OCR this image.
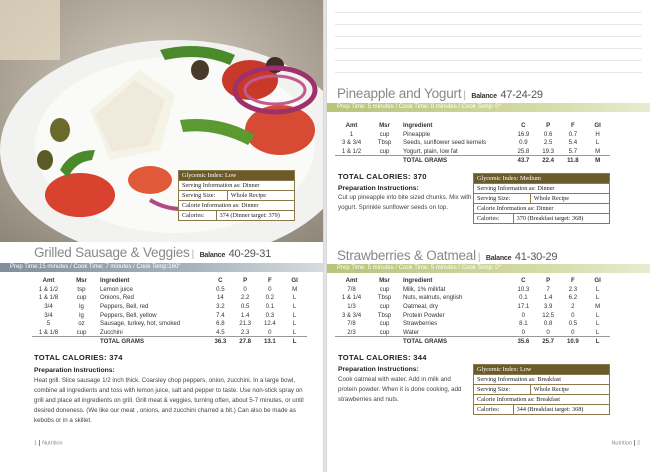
Glycemic Index: Low
Serving Information as: Dinner
Serving Size:	Whole Recipe
Calorie Information as: Dinner
Calories:	374 (Dinner target: 379)
Grilled Sausage & Veggies | Balance 40-29-31
Prep Time:15 minutes / Cook Time: 7 minutes / Cook Temp:160°
Amt	Msr	Ingredient	C	P	F	GI
1 & 1/2	tsp	Lemon juice	0.5	0	0	M
1 & 1/8	cup	Onions, Red	14	2.2	0.2	L
3/4	lg	Peppers, Bell, red	3.2	0.5	0.1	L
3/4	lg	Peppers, Bell, yellow	7.4	1.4	0.3	L
5	oz	Sausage, turkey, hot, smoked	6.8	21.3	12.4	L
1 & 1/8	cup	Zucchini	4.5	2.3	0	L
		TOTAL GRAMS	36.3	27.8	13.1	L
TOTAL CALORIES: 374
Preparation Instructions:
Heat grill. Slice sausage 1/2 inch thick. Coarsley chop peppers, onion, zucchini. In a large bowl, combine all ingredients and toss with lemon juice, salt and pepper to taste. Use non-stick spray on grill and place all ingredients on grill. Grill meat & veggies, turning often, about 5-7 minutes, or until desired doneness. (We like our meat , onions, and zucchini charred a bit.) Can also be made as kebobs or in a skillet.
1 Nutrition
Pineapple and Yogurt | Balance 47-24-29
Prep Time: 5 minutes / Cook Time: 0 minutes / Cook Temp: 0°
Amt	Msr	Ingredient	C	P	F	GI
1	cup	Pineapple	16.9	0.6	0.7	H
3 & 3/4	Tbsp	Seeds, sunflower seed kernels	0.9	2.5	5.4	L
1 & 1/2	cup	Yogurt, plain, low fat	25.8	19.3	5.7	M
		TOTAL GRAMS	43.7	22.4	11.8	M
TOTAL CALORIES: 370
Preparation Instructions:
Cut up pineapple into bite sized chunks. Mix with yogurt. Sprinkle sunflower seeds on top.
Glycemic Index: Medium
Serving Information as: Dinner
Serving Size:	Whole Recipe
Calorie Information as: Dinner
Calories:	370 (Breakfast target: 368)
Strawberries & Oatmeal | Balance 41-30-29
Prep Time: 5 minutes / Cook Time: 5 minutes / Cook Temp: 0°
Amt	Msr	Ingredient	C	P	F	GI
7/8	cup	Milk, 1% milkfat	10.3	7	2.3	L
1 & 1/4	Tbsp	Nuts, walnuts, english	0.1	1.4	6.2	L
1/3	cup	Oatmeal, dry	17.1	3.9	2	M
3 & 3/4	Tbsp	Protein Powder	0	12.5	0	L
7/8	cup	Strawberries	8.1	0.8	0.5	L
2/3	cup	Water	0	0	0	L
		TOTAL GRAMS	35.6	25.7	10.9	L
TOTAL CALORIES: 344
Preparation Instructions:
Cook oatmeal with water. Add in milk and protein powder. When it is done cooking, add strawberries and nuts.
Glycemic Index: Low
Serving Information as: Breakfast
Serving Size:	Whole Recipe
Calorie Information as: Breakfast
Calories:	344 (Breakfast target: 368)
Nutrition 2
